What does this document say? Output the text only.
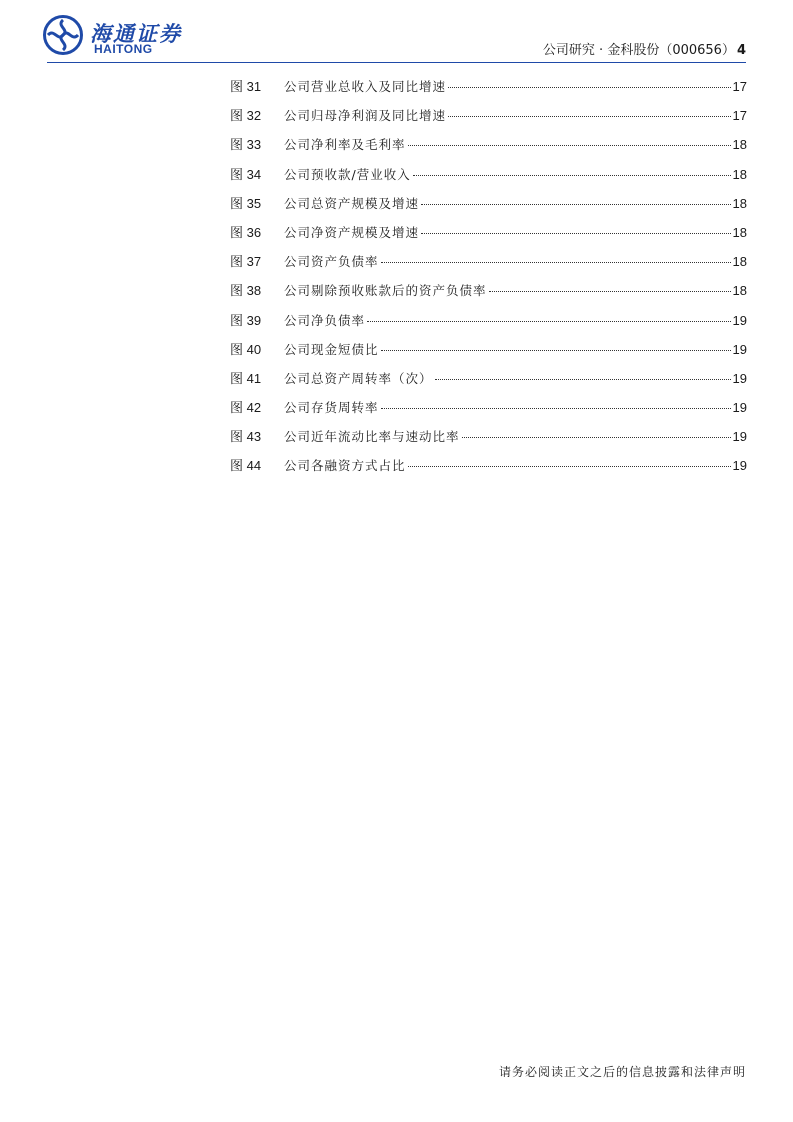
海通证券
HAITONG	公司研究 · 金科股份（000656） 4
图 31	公司营业总收入及同比增速	17
图 32	公司归母净利润及同比增速	17
图 33	公司净利率及毛利率	18
图 34	公司预收款/营业收入	18
图 35	公司总资产规模及增速	18
图 36	公司净资产规模及增速	18
图 37	公司资产负债率	18
图 38	公司剔除预收账款后的资产负债率	18
图 39	公司净负债率	19
图 40	公司现金短债比	19
图 41	公司总资产周转率（次）	19
图 42	公司存货周转率	19
图 43	公司近年流动比率与速动比率	19
图 44	公司各融资方式占比	19
请务必阅读正文之后的信息披露和法律声明
